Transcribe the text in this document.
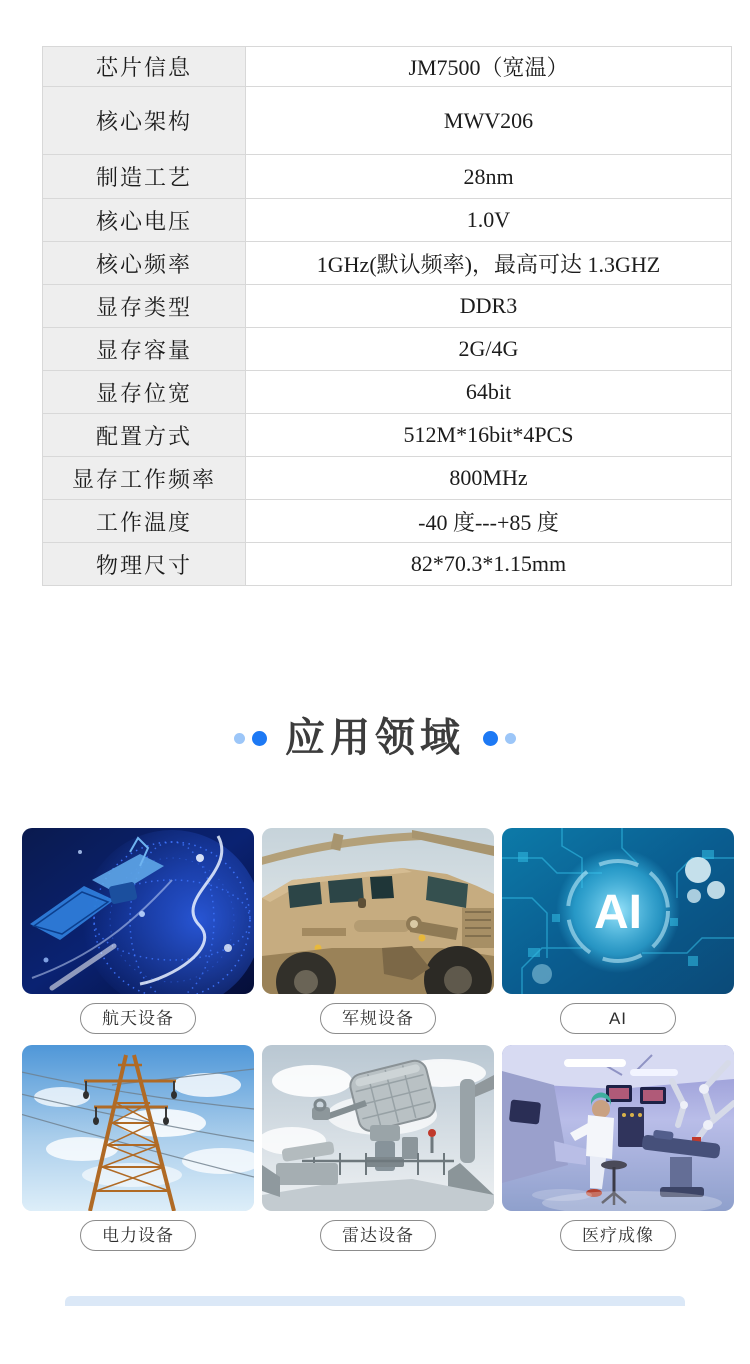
芯片信息	JM7500（宽温）
核心架构	MWV206
制造工艺	28nm
核心电压	1.0V
核心频率	1GHz(默认频率)，最高可达 1.3GHZ
显存类型	DDR3
显存容量	2G/4G
显存位宽	64bit
配置方式	512M*16bit*4PCS
显存工作频率	800MHz
工作温度	-40 度---+85 度
物理尺寸	82*70.3*1.15mm
应用领域
航天设备	军规设备
AI
AI
电力设备	雷达设备	医疗成像
